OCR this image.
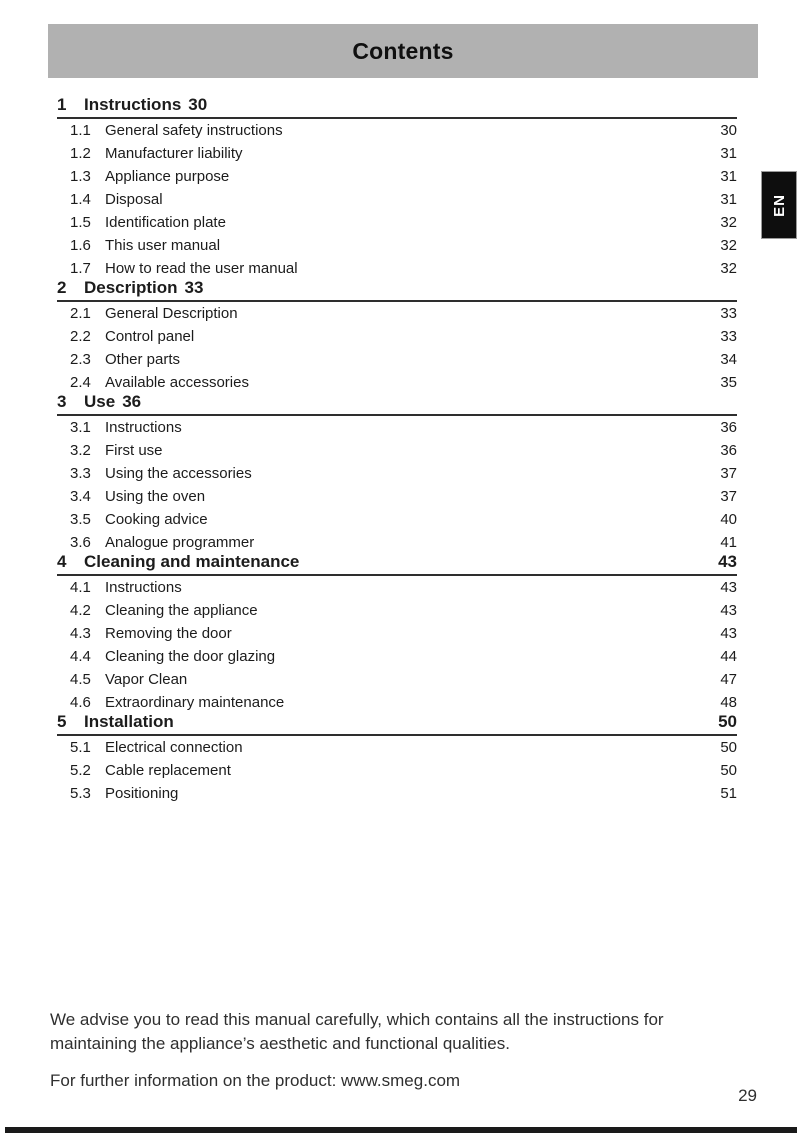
Contents
1	Instructions 30
1.1 General safety instructions	30
1.2 Manufacturer liability	31
1.3 Appliance purpose	31
1.4 Disposal	31
1.5 Identification plate	32
1.6 This user manual	32
1.7 How to read the user manual	32
2	Description 33
2.1 General Description	33
2.2 Control panel	33
2.3 Other parts	34
2.4 Available accessories	35
3	Use 36
3.1 Instructions	36
3.2 First use	36
3.3 Using the accessories	37
3.4 Using the oven	37
3.5 Cooking advice	40
3.6 Analogue programmer	41
4	Cleaning and maintenance	43
4.1 Instructions	43
4.2 Cleaning the appliance	43
4.3 Removing the door	43
4.4 Cleaning the door glazing	44
4.5 Vapor Clean	47
4.6 Extraordinary maintenance	48
5	Installation	50
5.1 Electrical connection	50
5.2 Cable replacement	50
5.3 Positioning	51
EN

We advise you to read this manual carefully, which contains all the instructions for maintaining the appliance’s aesthetic and functional qualities.

For further information on the product: www.smeg.com

29
